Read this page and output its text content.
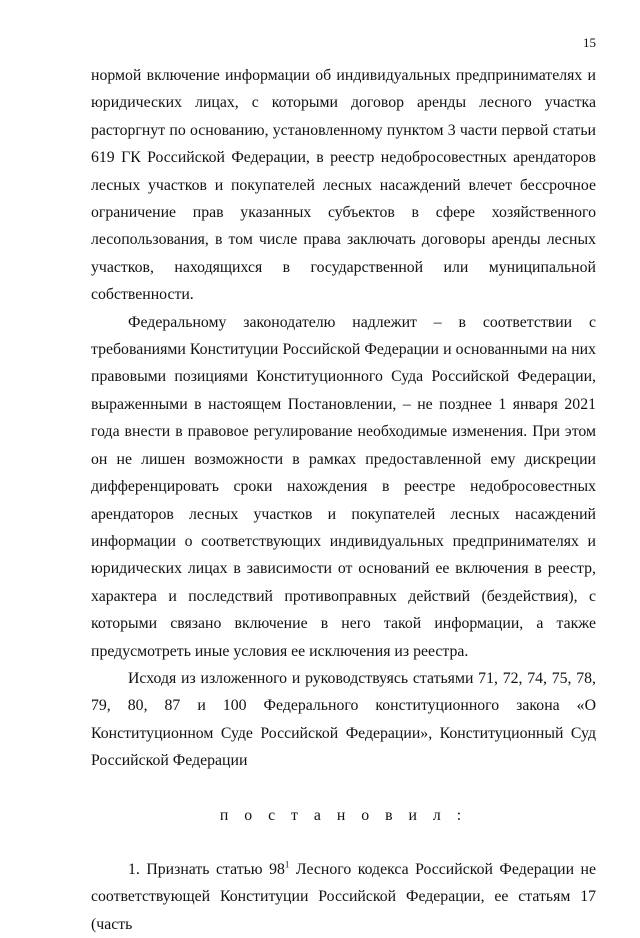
15

нормой включение информации об индивидуальных предпринимателях и юридических лицах, с которыми договор аренды лесного участка расторгнут по основанию, установленному пунктом 3 части первой статьи 619 ГК Российской Федерации, в реестр недобросовестных арендаторов лесных участков и покупателей лесных насаждений влечет бессрочное ограничение прав указанных субъектов в сфере хозяйственного лесопользования, в том числе права заключать договоры аренды лесных участков, находящихся в государственной или муниципальной собственности.

Федеральному законодателю надлежит – в соответствии с требованиями Конституции Российской Федерации и основанными на них правовыми позициями Конституционного Суда Российской Федерации, выраженными в настоящем Постановлении, – не позднее 1 января 2021 года внести в правовое регулирование необходимые изменения. При этом он не лишен возможности в рамках предоставленной ему дискреции дифференцировать сроки нахождения в реестре недобросовестных арендаторов лесных участков и покупателей лесных насаждений информации о соответствующих индивидуальных предпринимателях и юридических лицах в зависимости от оснований ее включения в реестр, характера и последствий противоправных действий (бездействия), с которыми связано включение в него такой информации, а также предусмотреть иные условия ее исключения из реестра.

Исходя из изложенного и руководствуясь статьями 71, 72, 74, 75, 78, 79, 80, 87 и 100 Федерального конституционного закона «О Конституционном Суде Российской Федерации», Конституционный Суд Российской Федерации

п о с т а н о в и л :

1. Признать статью $98^1$ Лесного кодекса Российской Федерации не соответствующей Конституции Российской Федерации, ее статьям 17 (часть
